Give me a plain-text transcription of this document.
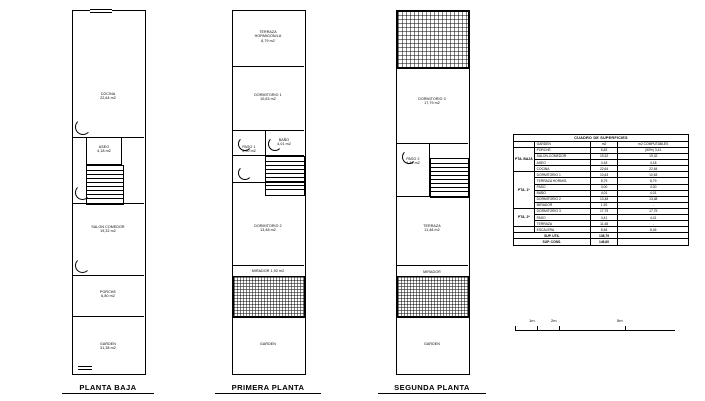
COCINA
22,64 m2
ASEO
4,18 m2
SALON COMEDOR
19,32 m2
PORCHE
6,80 m2
GARDEN
31,38 m2
PLANTA BAJA
TERRAZA
HORMIGON/LA
8,79 m2
DORMITORIO 1
10,63 m2
BAÑO
4,01 m2
PASO 1
4,00 m2
DORMITORIO 2
13,48 m2
MIRADOR 1,92 m2
GARDEN
PRIMERA PLANTA
DORMITORIO 3
17,79 m2
PASO 2
4,41 m2
TERRAZA
11,48 m2
MIRADOR
GARDEN
SEGUNDA PLANTA
CUADRO DE SUPERFICIES			
	GARDEN	m2	m2 COMPUTABLES
PTA. BAJA	PORCHE	6,82	(50%) 3,41
	SALON-COMEDOR	19,32	19,32
	ASEO	4,18	4,18
	COCINA	22,64	22,64
PTA. 1ª	DORMITORIO 1	10,63	10,63
	TERRAZA HORMIG.	8,79	8,79
	PASO	4,00	4,00
	BAÑO	4,01	4,01
	DORMITORIO 2	13,48	13,48
	MIRADOR	1,92	-
PTA. 2ª	DORMITORIO 3	17,79	17,79
	PASO	4,41	4,41
	TERRAZA	11,48	-
	ESCALERA	8,46	8,46
SUP. UTIL		138,79	
SUP. CONS.		146,60	
1m	2m	5m
